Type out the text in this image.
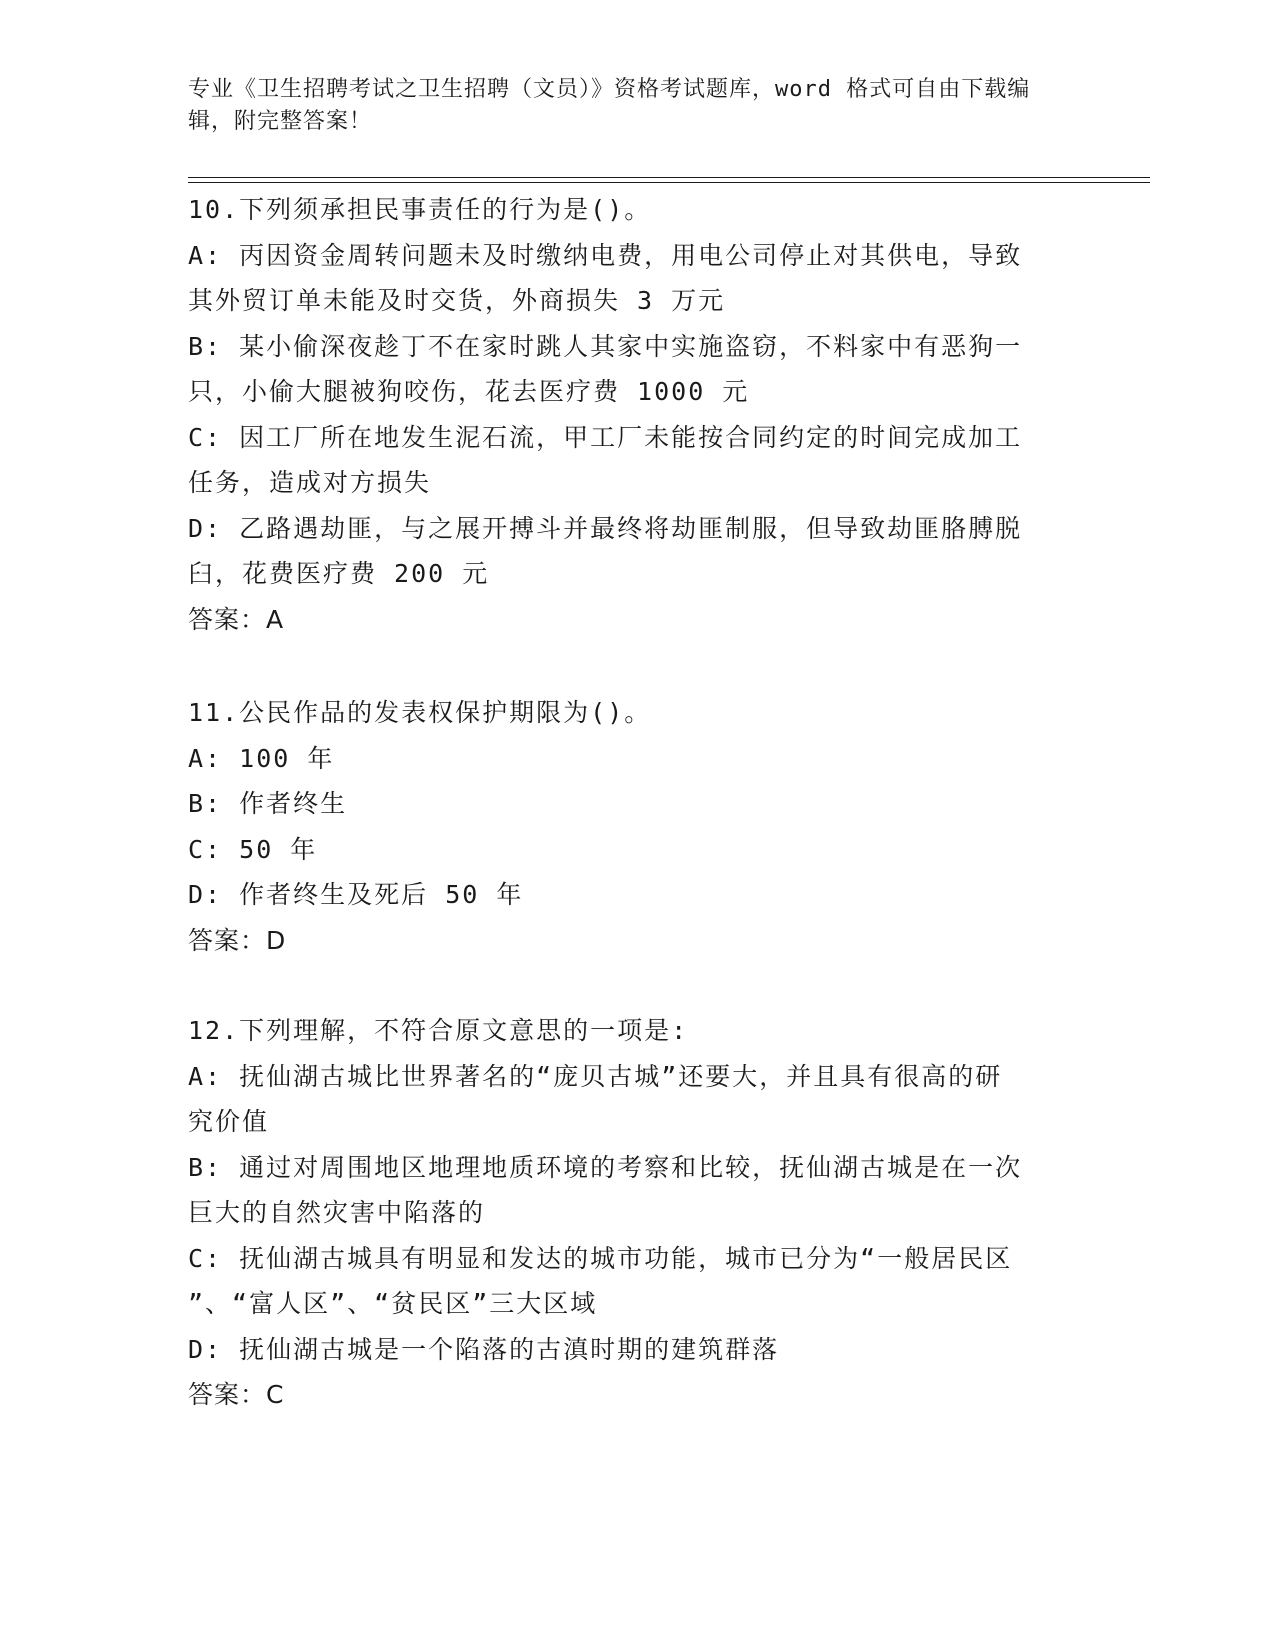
专业《卫生招聘考试之卫生招聘（文员）》资格考试题库，word 格式可自由下载编辑，附完整答案！
10.下列须承担民事责任的行为是()。
A: 丙因资金周转问题未及时缴纳电费，用电公司停止对其供电，导致
其外贸订单未能及时交货，外商损失 3 万元
B: 某小偷深夜趁丁不在家时跳人其家中实施盗窃，不料家中有恶狗一
只，小偷大腿被狗咬伤，花去医疗费 1000 元
C: 因工厂所在地发生泥石流，甲工厂未能按合同约定的时间完成加工
任务，造成对方损失
D: 乙路遇劫匪，与之展开搏斗并最终将劫匪制服，但导致劫匪胳膊脱
臼，花费医疗费 200 元
答案：A
11.公民作品的发表权保护期限为()。
A: 100 年
B: 作者终生
C: 50 年
D: 作者终生及死后 50 年
答案：D
12.下列理解，不符合原文意思的一项是:
A: 抚仙湖古城比世界著名的“庞贝古城”还要大，并且具有很高的研
究价值
B: 通过对周围地区地理地质环境的考察和比较，抚仙湖古城是在一次
巨大的自然灾害中陷落的
C: 抚仙湖古城具有明显和发达的城市功能，城市已分为“一般居民区
”、“富人区”、“贫民区”三大区域
D: 抚仙湖古城是一个陷落的古滇时期的建筑群落
答案：C
